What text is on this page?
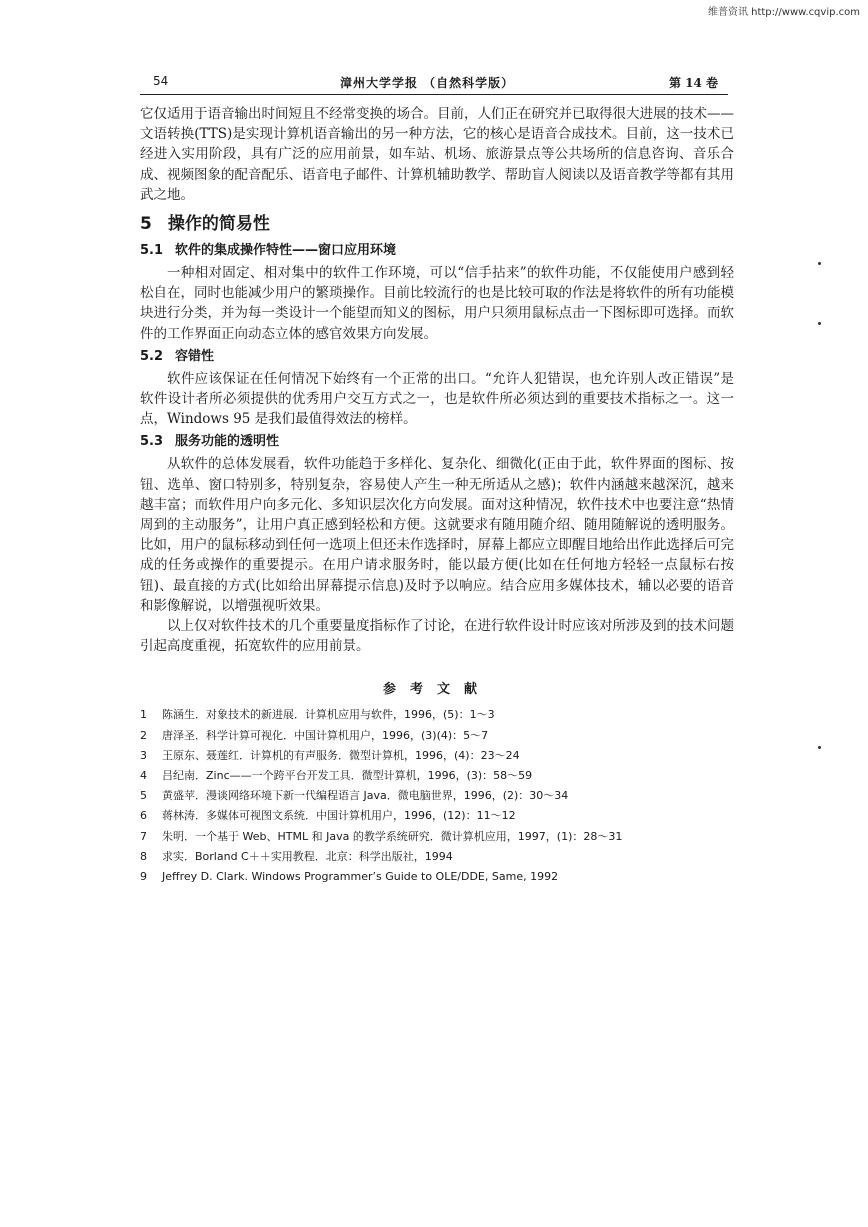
维普资讯 http://www.cqvip.com
54	漳州大学学报 （自然科学版）	第 14 卷

它仅适用于语音输出时间短且不经常变换的场合。目前，人们正在研究并已取得很大进展的技术——文语转换(TTS)是实现计算机语音输出的另一种方法，它的核心是语音合成技术。目前，这一技术已经进入实用阶段，具有广泛的应用前景，如车站、机场、旅游景点等公共场所的信息咨询、音乐合成、视频图象的配音配乐、语音电子邮件、计算机辅助教学、帮助盲人阅读以及语音教学等都有其用武之地。

5 操作的简易性
5.1 软件的集成操作特性——窗口应用环境

一种相对固定、相对集中的软件工作环境，可以“信手拈来”的软件功能，不仅能使用户感到轻松自在，同时也能减少用户的繁琐操作。目前比较流行的也是比较可取的作法是将软件的所有功能模块进行分类，并为每一类设计一个能望而知义的图标，用户只须用鼠标点击一下图标即可选择。而软件的工作界面正向动态立体的感官效果方向发展。

5.2 容错性

软件应该保证在任何情况下始终有一个正常的出口。“允许人犯错误，也允许别人改正错误”是软件设计者所必须提供的优秀用户交互方式之一，也是软件所必须达到的重要技术指标之一。这一点，Windows 95 是我们最值得效法的榜样。

5.3 服务功能的透明性

从软件的总体发展看，软件功能趋于多样化、复杂化、细微化(正由于此，软件界面的图标、按钮、选单、窗口特别多，特别复杂，容易使人产生一种无所适从之感)；软件内涵越来越深沉，越来越丰富；而软件用户向多元化、多知识层次化方向发展。面对这种情况，软件技术中也要注意“热情周到的主动服务”，让用户真正感到轻松和方便。这就要求有随用随介绍、随用随解说的透明服务。比如，用户的鼠标移动到任何一选项上但还未作选择时，屏幕上都应立即醒目地给出作此选择后可完成的任务或操作的重要提示。在用户请求服务时，能以最方便(比如在任何地方轻轻一点鼠标右按钮)、最直接的方式(比如给出屏幕提示信息)及时予以响应。结合应用多媒体技术，辅以必要的语音和影像解说，以增强视听效果。

以上仅对软件技术的几个重要量度指标作了讨论，在进行软件设计时应该对所涉及到的技术问题引起高度重视，拓宽软件的应用前景。

参考文献
1 陈涵生．对象技术的新进展．计算机应用与软件，1996，(5)：1～3
2 唐泽圣．科学计算可视化．中国计算机用户，1996，(3)(4)：5～7
3 王原东、聂莲红．计算机的有声服务．微型计算机，1996，(4)：23～24
4 吕纪南．Zinc——一个跨平台开发工具．微型计算机，1996，(3)：58～59
5 黄盛苹．漫谈网络环境下新一代编程语言 Java．微电脑世界，1996，(2)：30～34
6 蒋林涛．多媒体可视图文系统．中国计算机用户，1996，(12)：11～12
7 朱明．一个基于 Web、HTML 和 Java 的教学系统研究．微计算机应用，1997，(1)：28～31
8 求实．Borland C＋＋实用教程．北京：科学出版社，1994
9 Jeffrey D. Clark. Windows Programmer’s Guide to OLE/DDE, Same, 1992
